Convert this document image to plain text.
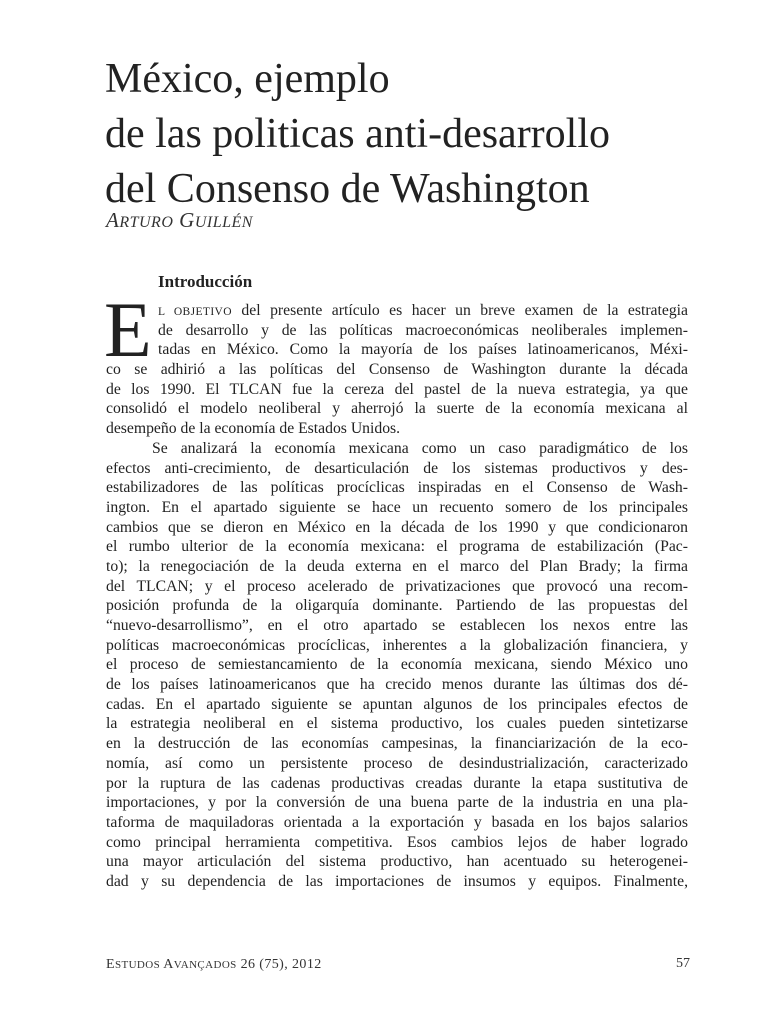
México, ejemplo
de las politicas anti-desarrollo
del Consenso de Washington
ARTURO GUILLÉN
Introducción
E L OBJETIVO del presente artículo es hacer un breve examen de la estrategia
de desarrollo y de las políticas macroeconómicas neoliberales implemen-
tadas en México. Como la mayoría de los países latinoamericanos, Méxi-
co se adhirió a las políticas del Consenso de Washington durante la década
de los 1990. El TLCAN fue la cereza del pastel de la nueva estrategia, ya que
consolidó el modelo neoliberal y aherrojó la suerte de la economía mexicana al
desempeño de la economía de Estados Unidos.
Se analizará la economía mexicana como un caso paradigmático de los
efectos anti-crecimiento, de desarticulación de los sistemas productivos y des-
estabilizadores de las políticas procíclicas inspiradas en el Consenso de Wash-
ington. En el apartado siguiente se hace un recuento somero de los principales
cambios que se dieron en México en la década de los 1990 y que condicionaron
el rumbo ulterior de la economía mexicana: el programa de estabilización (Pac-
to); la renegociación de la deuda externa en el marco del Plan Brady; la firma
del TLCAN; y el proceso acelerado de privatizaciones que provocó una recom-
posición profunda de la oligarquía dominante. Partiendo de las propuestas del
“nuevo-desarrollismo”, en el otro apartado se establecen los nexos entre las
políticas macroeconómicas procíclicas, inherentes a la globalización financiera, y
el proceso de semiestancamiento de la economía mexicana, siendo México uno
de los países latinoamericanos que ha crecido menos durante las últimas dos dé-
cadas. En el apartado siguiente se apuntan algunos de los principales efectos de
la estrategia neoliberal en el sistema productivo, los cuales pueden sintetizarse
en la destrucción de las economías campesinas, la financiarización de la eco-
nomía, así como un persistente proceso de desindustrialización, caracterizado
por la ruptura de las cadenas productivas creadas durante la etapa sustitutiva de
importaciones, y por la conversión de una buena parte de la industria en una pla-
taforma de maquiladoras orientada a la exportación y basada en los bajos salarios
como principal herramienta competitiva. Esos cambios lejos de haber logrado
una mayor articulación del sistema productivo, han acentuado su heterogenei-
dad y su dependencia de las importaciones de insumos y equipos. Finalmente,
ESTUDOS AVANÇADOS 26 (75), 2012	57
